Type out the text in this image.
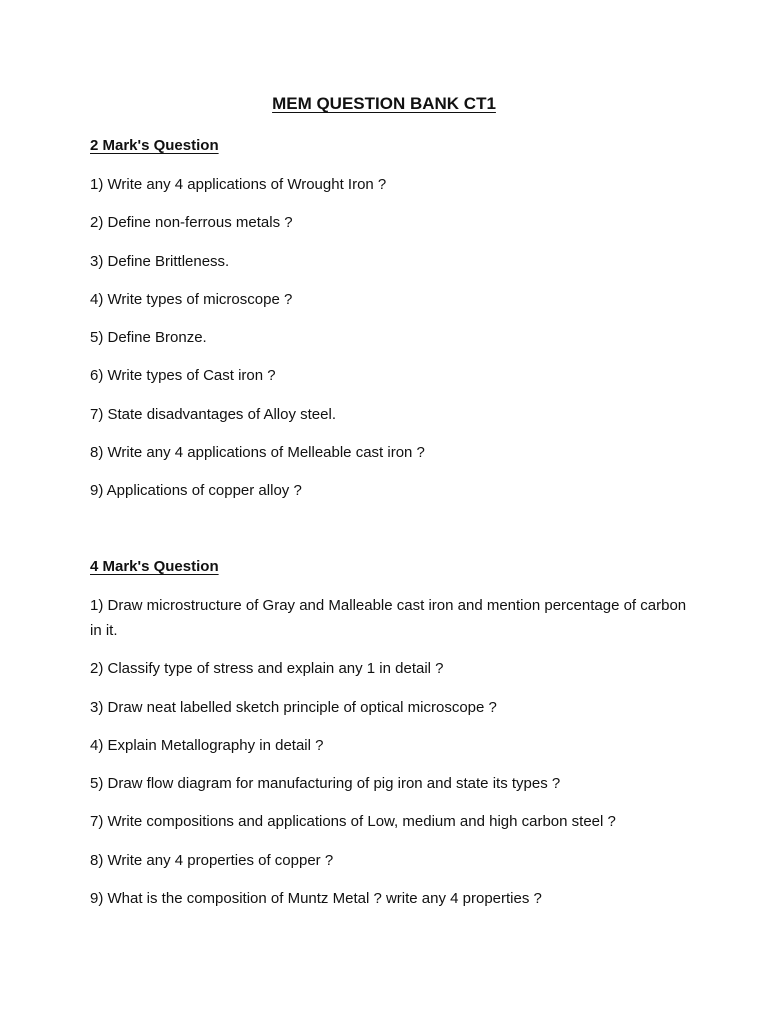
MEM QUESTION BANK CT1
2 Mark's Question
1) Write any 4 applications of Wrought Iron ?
2) Define non-ferrous metals ?
3) Define Brittleness.
4) Write types of microscope ?
5) Define Bronze.
6) Write types of Cast iron ?
7) State disadvantages of Alloy steel.
8) Write any 4 applications of Melleable cast iron ?
9) Applications of copper alloy ?
4 Mark's Question
1) Draw microstructure of Gray and Malleable cast iron and mention percentage of carbon in it.
2) Classify type of stress and explain any 1 in detail ?
3) Draw neat labelled sketch principle of optical microscope ?
4) Explain Metallography in detail ?
5) Draw flow diagram for manufacturing of pig iron and state its types ?
7) Write compositions and applications of Low, medium and high carbon steel ?
8) Write any 4 properties of copper ?
9) What is the composition of Muntz Metal ? write any 4 properties ?
